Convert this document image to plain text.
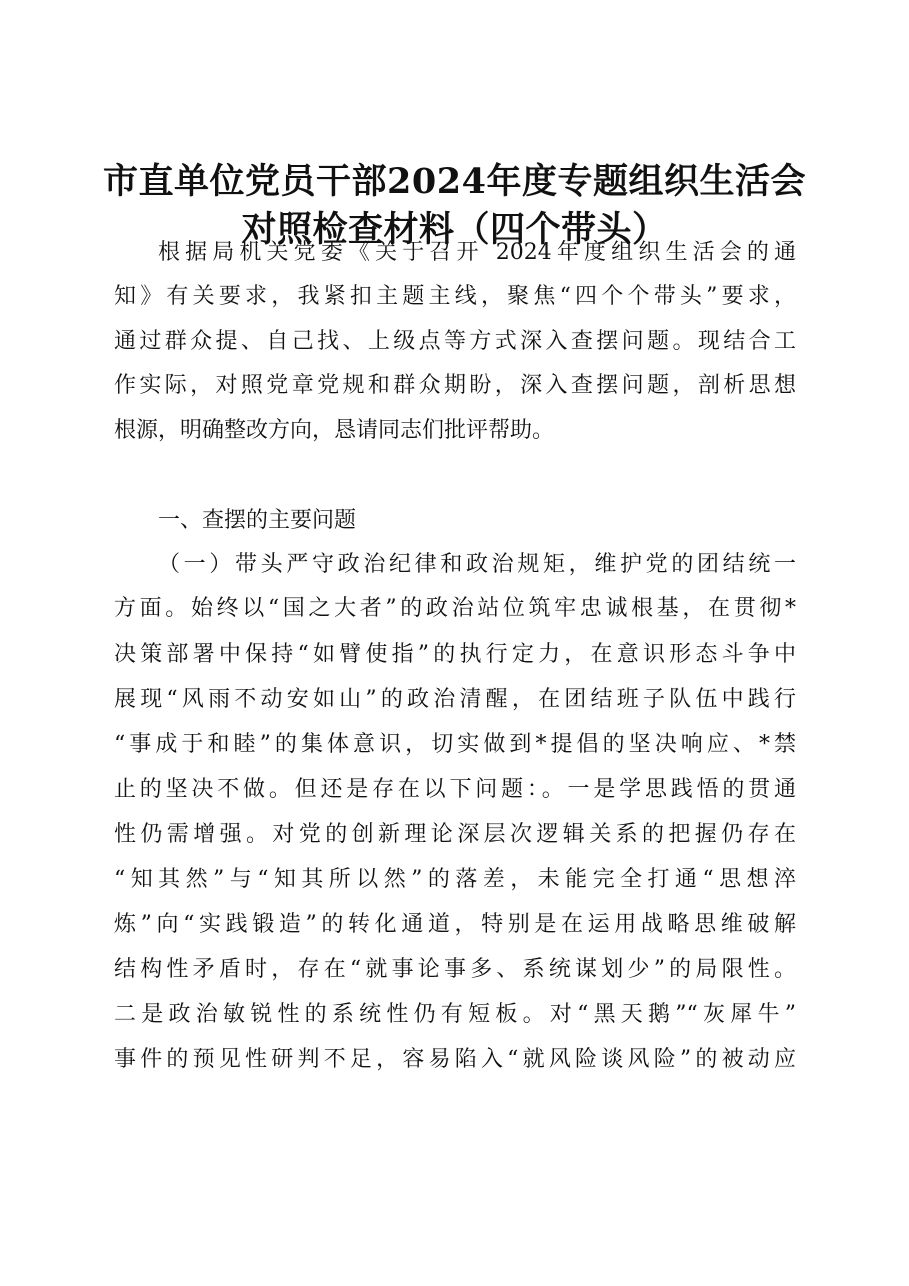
市直单位党员干部2024年度专题组织生活会
对照检查材料（四个带头）
根据局机关党委《关于召开 2024年度组织生活会的通
知》有关要求，我紧扣主题主线，聚焦“四个个带头”要求，
通过群众提、自己找、上级点等方式深入查摆问题。现结合工
作实际，对照党章党规和群众期盼，深入查摆问题，剖析思想
根源，明确整改方向，恳请同志们批评帮助。
一、查摆的主要问题
（一）带头严守政治纪律和政治规矩，维护党的团结统一
方面。始终以“国之大者”的政治站位筑牢忠诚根基，在贯彻*
决策部署中保持“如臂使指”的执行定力，在意识形态斗争中
展现“风雨不动安如山”的政治清醒，在团结班子队伍中践行
“事成于和睦”的集体意识，切实做到*提倡的坚决响应、*禁
止的坚决不做。但还是存在以下问题：。一是学思践悟的贯通
性仍需增强。对党的创新理论深层次逻辑关系的把握仍存在
“知其然”与“知其所以然”的落差，未能完全打通“思想淬
炼”向“实践锻造”的转化通道，特别是在运用战略思维破解
结构性矛盾时，存在“就事论事多、系统谋划少”的局限性。
二是政治敏锐性的系统性仍有短板。对“黑天鹅”“灰犀牛”
事件的预见性研判不足，容易陷入“就风险谈风险”的被动应
